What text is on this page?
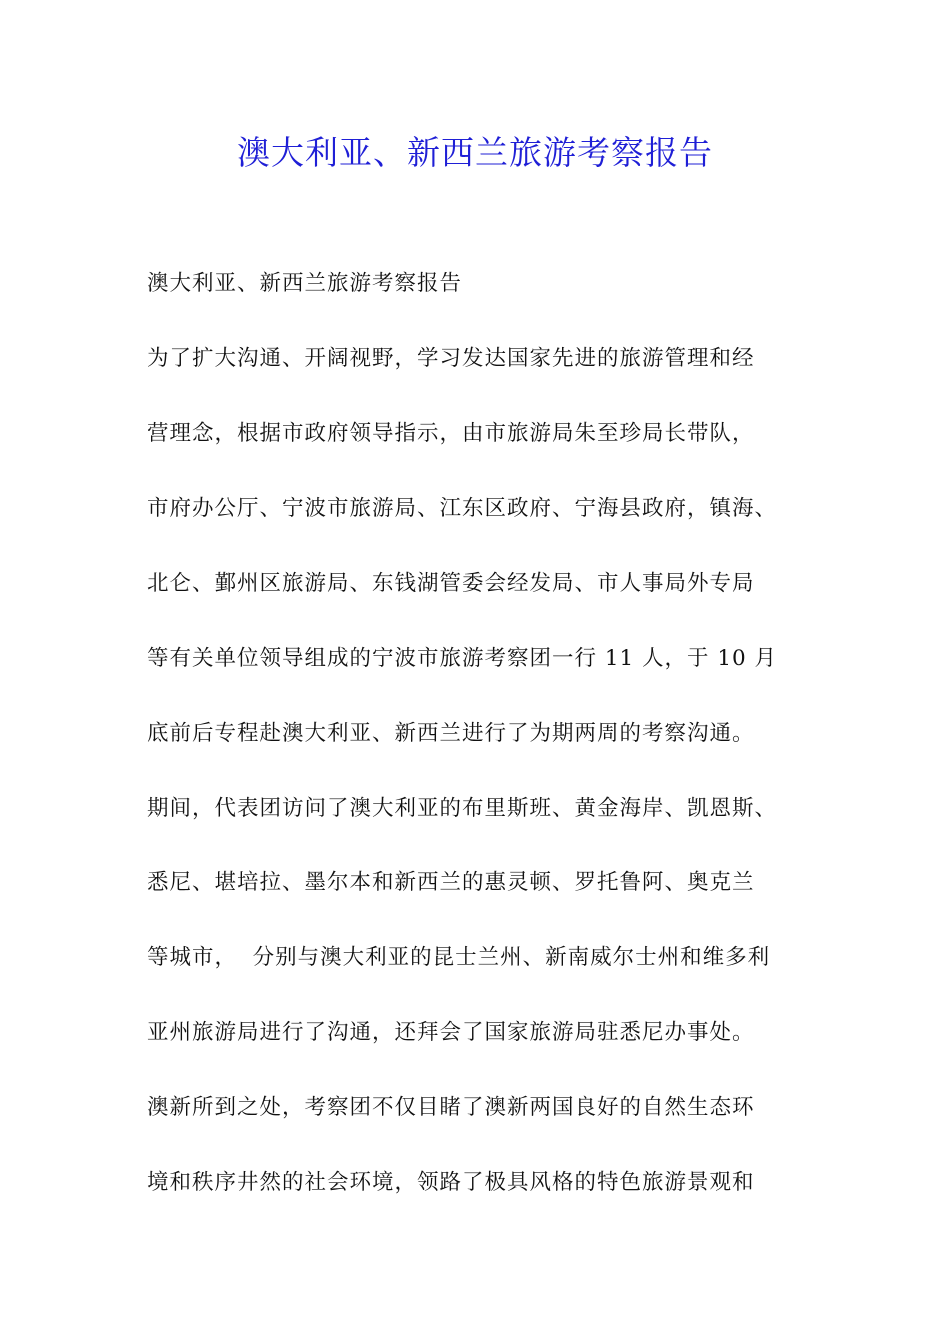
澳大利亚、新西兰旅游考察报告
澳大利亚、新西兰旅游考察报告
为了扩大沟通、开阔视野，学习发达国家先进的旅游管理和经
营理念，根据市政府领导指示，由市旅游局朱至珍局长带队，
市府办公厅、宁波市旅游局、江东区政府、宁海县政府，镇海、
北仑、鄞州区旅游局、东钱湖管委会经发局、市人事局外专局
等有关单位领导组成的宁波市旅游考察团一行 11 人，于 10 月
底前后专程赴澳大利亚、新西兰进行了为期两周的考察沟通。
期间，代表团访问了澳大利亚的布里斯班、黄金海岸、凯恩斯、
悉尼、堪培拉、墨尔本和新西兰的惠灵顿、罗托鲁阿、奥克兰
等城市，  分别与澳大利亚的昆士兰州、新南威尔士州和维多利
亚州旅游局进行了沟通，还拜会了国家旅游局驻悉尼办事处。
澳新所到之处，考察团不仅目睹了澳新两国良好的自然生态环
境和秩序井然的社会环境，领路了极具风格的特色旅游景观和
